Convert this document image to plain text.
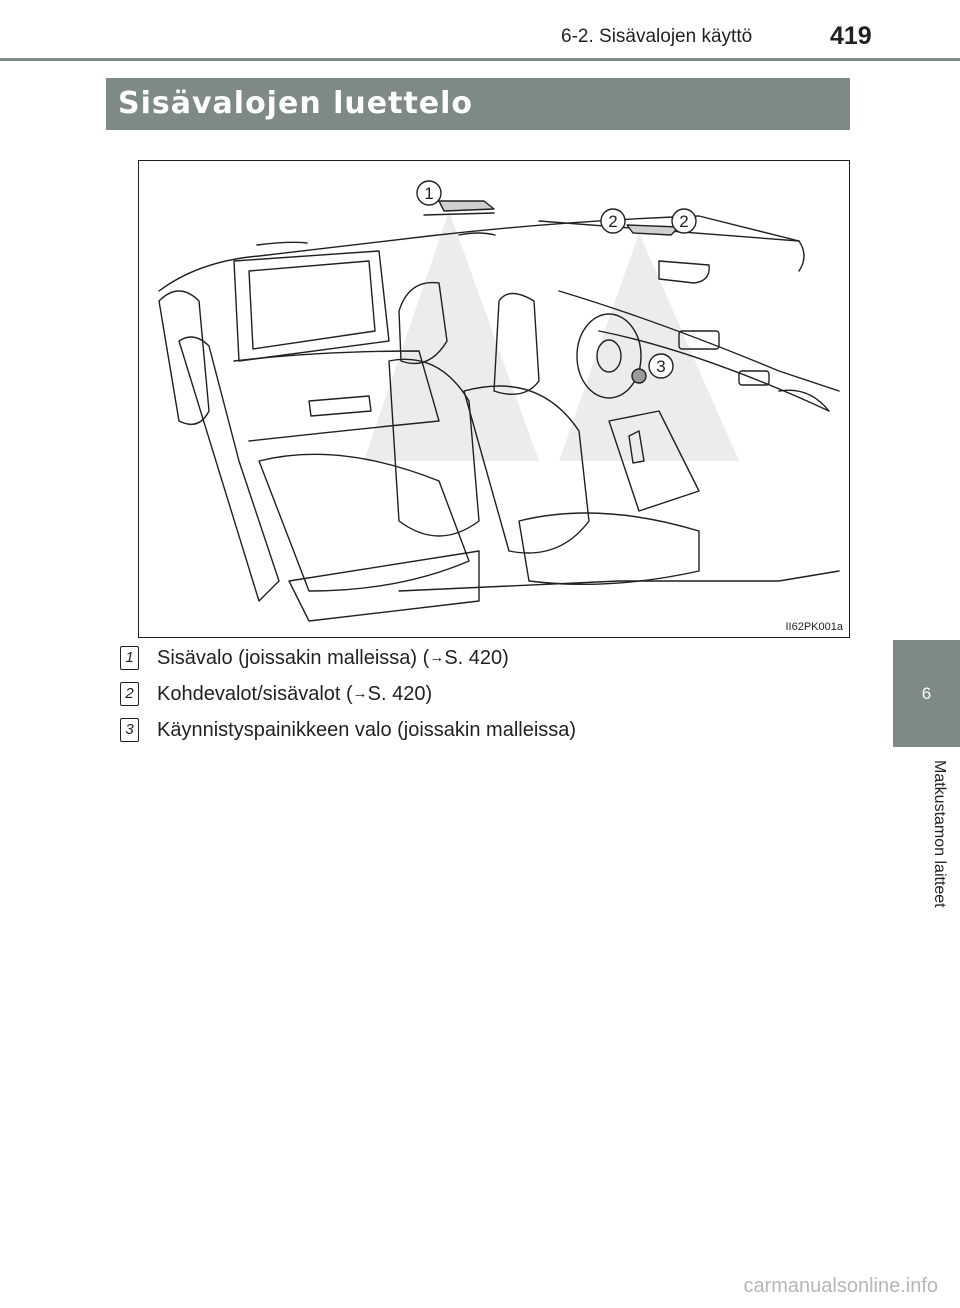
6-2. Sisävalojen käyttö	419
6
Matkustamon laitteet
Sisävalojen luettelo
1
2	2
3
II62PK001a
1 Sisävalo (joissakin malleissa) (→S. 420)
2 Kohdevalot/sisävalot (→S. 420)
3 Käynnistyspainikkeen valo (joissakin malleissa)
carmanualsonline.info
